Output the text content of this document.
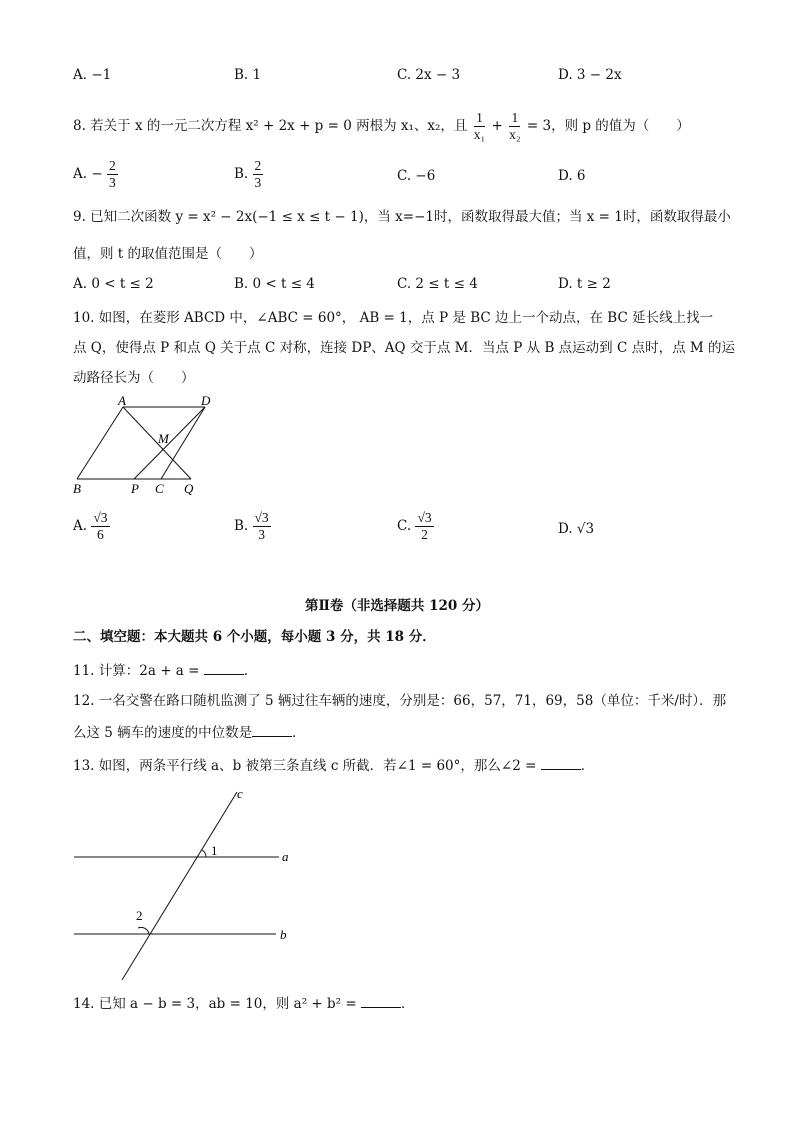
A. −1	B. 1	C. 2x − 3	D. 3 − 2x
8. 若关于 x 的一元二次方程 x² + 2x + p = 0 两根为 x₁、x₂，且 $\frac{1}{\text{x₁}} + \frac{1}{\text{x₂}} = 3$，则 p 的值为（　　）
A. − $\frac{2}{3}$	B. $\frac{2}{3}$	C. −6	D. 6
9. 已知二次函数 y = x² − 2x(−1 ≤ x ≤ t − 1)，当 x=−1时，函数取得最大值；当 x = 1时，函数取得最小
值，则 t 的取值范围是（　　）
A. 0 < t ≤ 2	B. 0 < t ≤ 4	C. 2 ≤ t ≤ 4	D. t ≥ 2
10. 如图，在菱形 ABCD 中，∠ABC = 60°， AB = 1，点 P 是 BC 边上一个动点，在 BC 延长线上找一
点 Q，使得点 P 和点 Q 关于点 C 对称，连接 DP、AQ 交于点 M．当点 P 从 B 点运动到 C 点时，点 M 的运
动路径长为（　　）
A	D
M
B	P C Q
A. $\frac{√3}{6}$	B. $\frac{√3}{3}$	C. $\frac{√3}{2}$	D. √3
第Ⅱ卷（非选择题共 120 分）
二、填空题：本大题共 6 个小题，每小题 3 分，共 18 分．
11. 计算：2a + a =	．
12. 一名交警在路口随机监测了 5 辆过往车辆的速度，分别是：66，57，71，69，58（单位：千米/时）．那
么这 5 辆车的速度的中位数是	．
13. 如图，两条平行线 a、b 被第三条直线 c 所截．若∠1 = 60°，那么∠2 =	．
c
a
b
1
2
14. 已知 a − b = 3，ab = 10，则 a² + b² =	．
